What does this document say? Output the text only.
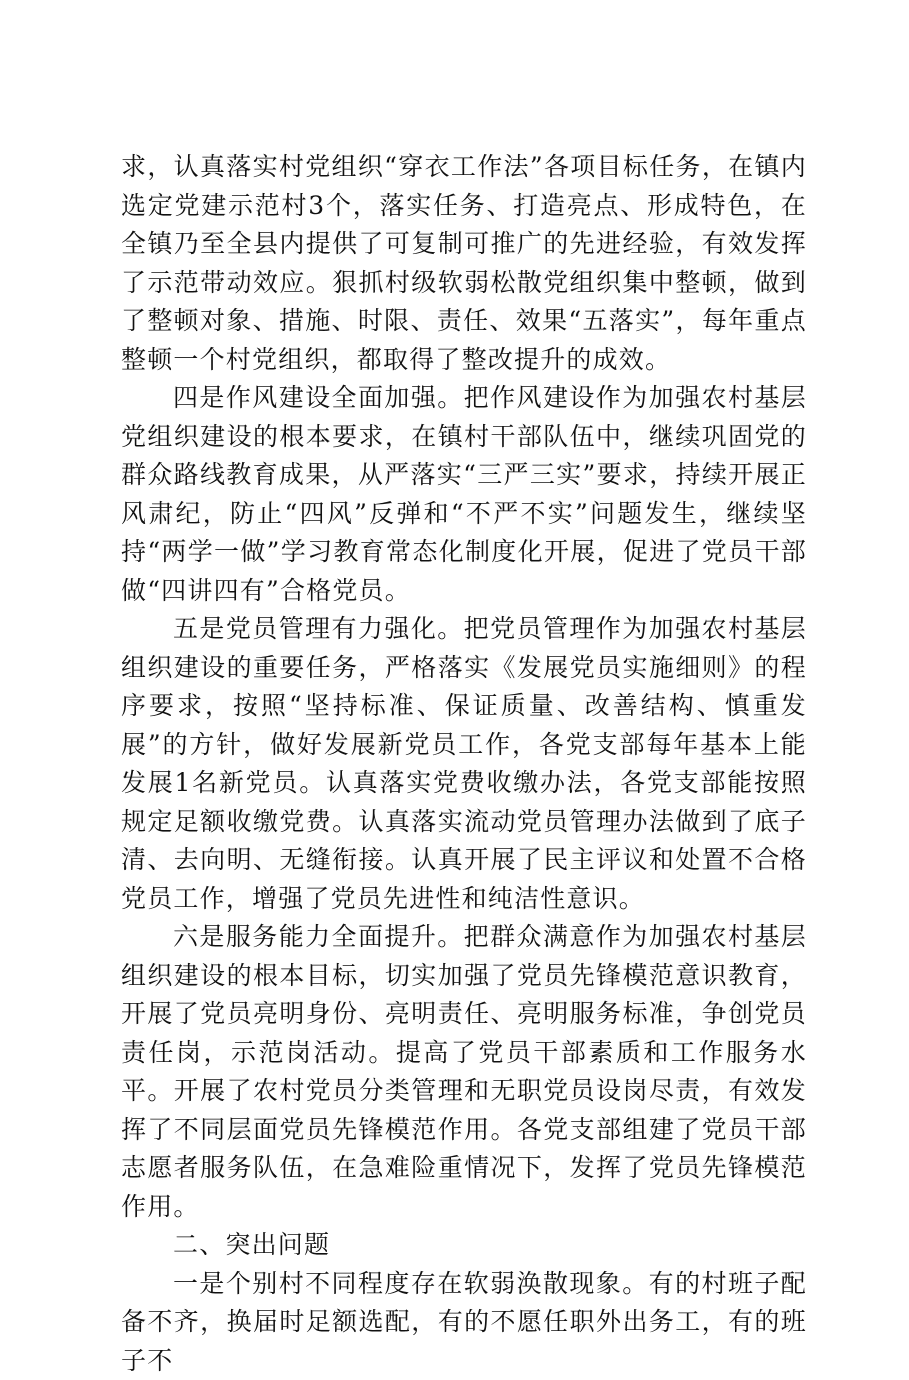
求，认真落实村党组织“穿衣工作法”各项目标任务，在镇内选定党建示范村3个，落实任务、打造亮点、形成特色，在全镇乃至全县内提供了可复制可推广的先进经验，有效发挥了示范带动效应。狠抓村级软弱松散党组织集中整顿，做到了整顿对象、措施、时限、责任、效果“五落实”，每年重点整顿一个村党组织，都取得了整改提升的成效。

四是作风建设全面加强。把作风建设作为加强农村基层党组织建设的根本要求，在镇村干部队伍中，继续巩固党的群众路线教育成果，从严落实“三严三实”要求，持续开展正风肃纪，防止“四风”反弹和“不严不实”问题发生，继续坚持“两学一做”学习教育常态化制度化开展，促进了党员干部做“四讲四有”合格党员。

五是党员管理有力强化。把党员管理作为加强农村基层组织建设的重要任务，严格落实《发展党员实施细则》的程序要求，按照“坚持标准、保证质量、改善结构、慎重发展”的方针，做好发展新党员工作，各党支部每年基本上能发展1名新党员。认真落实党费收缴办法，各党支部能按照规定足额收缴党费。认真落实流动党员管理办法做到了底子清、去向明、无缝衔接。认真开展了民主评议和处置不合格党员工作，增强了党员先进性和纯洁性意识。

六是服务能力全面提升。把群众满意作为加强农村基层组织建设的根本目标，切实加强了党员先锋模范意识教育，开展了党员亮明身份、亮明责任、亮明服务标准，争创党员责任岗，示范岗活动。提高了党员干部素质和工作服务水平。开展了农村党员分类管理和无职党员设岗尽责，有效发挥了不同层面党员先锋模范作用。各党支部组建了党员干部志愿者服务队伍，在急难险重情况下，发挥了党员先锋模范作用。

二、突出问题

一是个别村不同程度存在软弱涣散现象。有的村班子配备不齐，换届时足额选配，有的不愿任职外出务工，有的班子不
